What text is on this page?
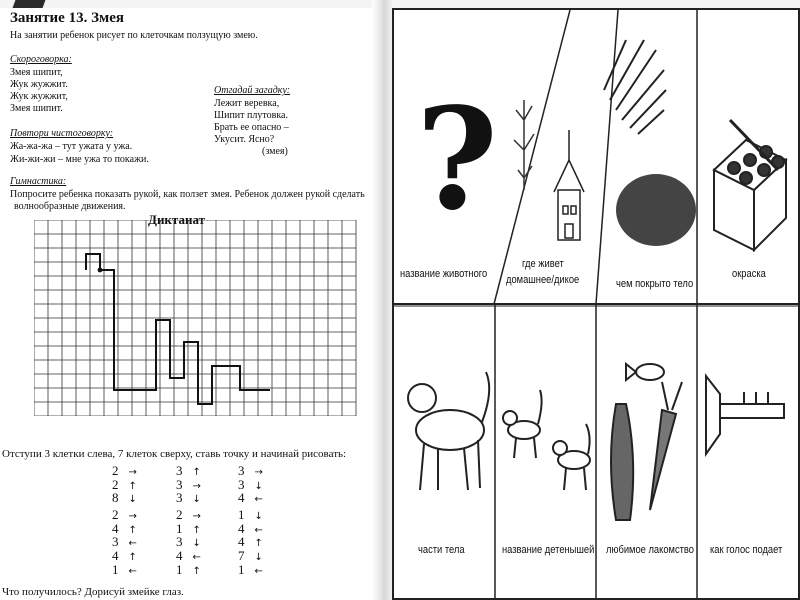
Занятие 13. Змея
На занятии ребенок рисует по клеточкам ползущую змею.
Скороговорка:
Змея шипит,
Жук жужжит.
Жук жужжит,
Змея шипит.
Отгадай загадку:
Лежит веревка,
Шипит плутовка.
Брать ее опасно –
Укусит. Ясно?
(змея)
Повтори чистоговорку:
Жа-жа-жа – тут ужата у ужа.
Жи-жи-жи – мне ужа то покажи.
Гимнастика:
Попросите ребенка показать рукой, как ползет змея. Ребенок должен рукой сделать
волнообразные движения.
Диктанат
Отступи 3 клетки слева, 7 клеток сверху, ставь точку и начинай рисовать:
2 →
2 ↑
8 ↓
2 →
4 ↑
3 ←
4 ↑
1 ←
3 ↑
3 →
3 ↓
2 →
1 ↑
3 ↓
4 ←
1 ↑
3 →
3 ↓
4 ←
1 ↓
4 ←
4 ↑
7 ↓
1 ←
Что получилось? Дорисуй змейке глаз.
?
название животного
где живет
домашнее/дикое	чем покрыто тело
окраска
части тела	название детенышей любимое лакомство как голос подает
